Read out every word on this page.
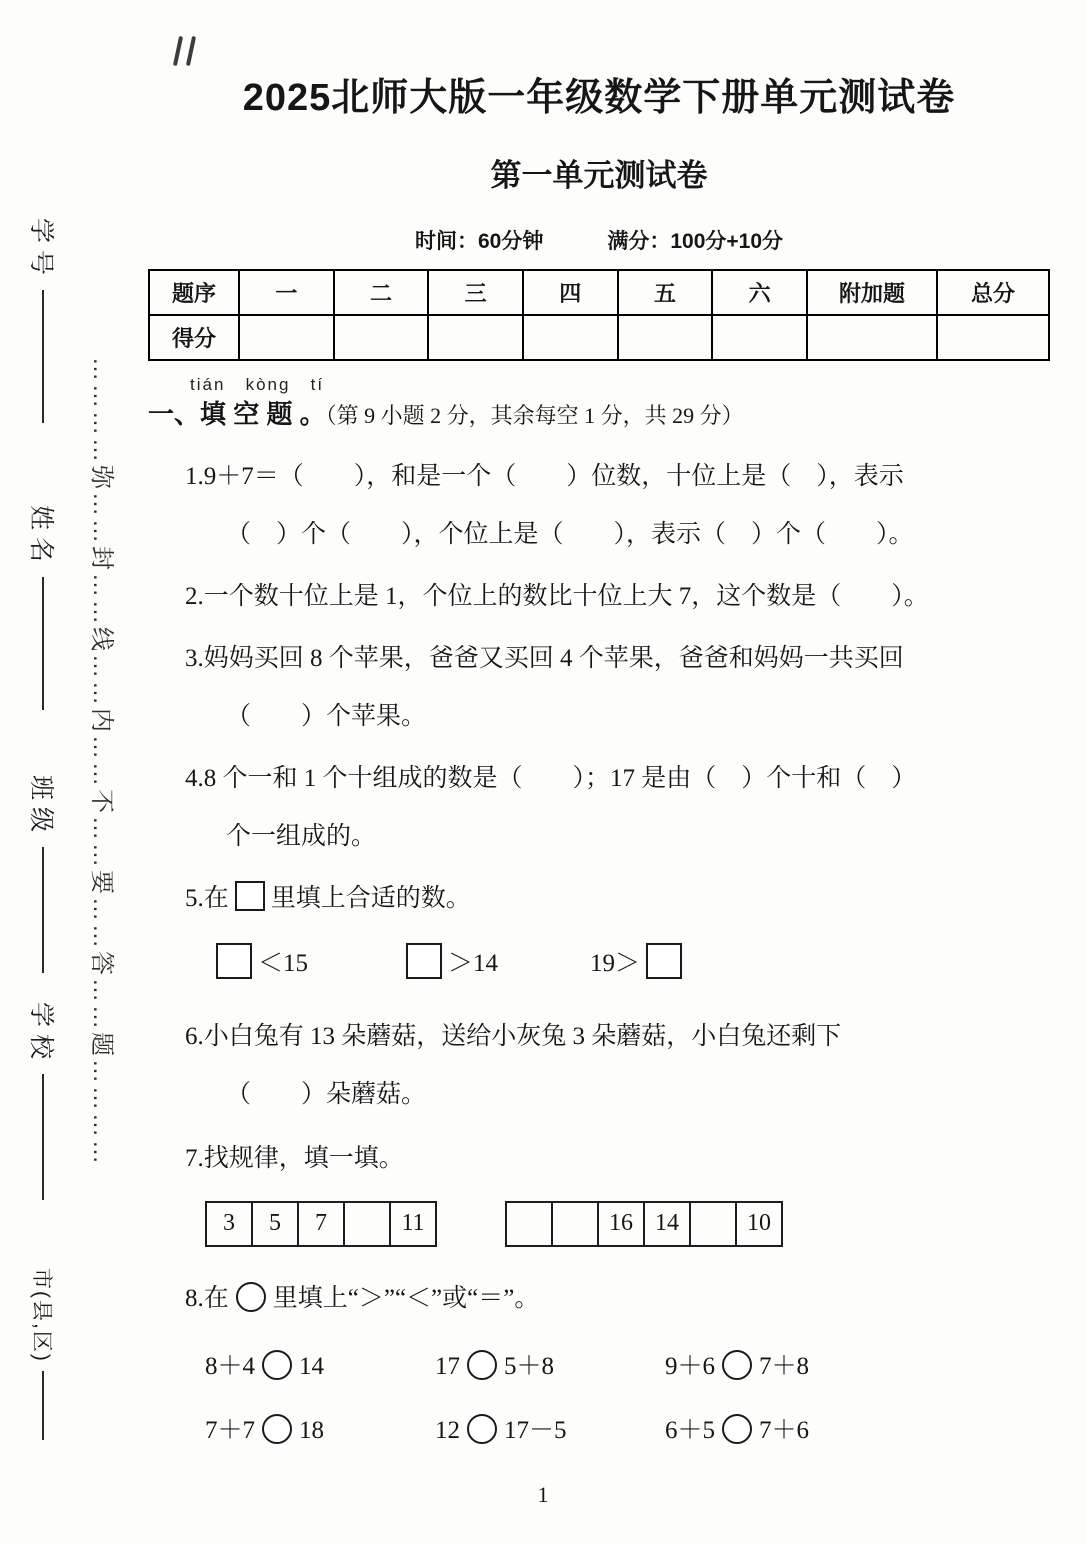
学号
姓名
班级
学校
市(县,区)
…………弥……封……线……内……不……要……答……题…………
2025北师大版一年级数学下册单元测试卷
第一单元测试卷
时间：60分钟	满分：100分+10分
题序	一	二	三	四	五	六	附加题	总分
得分								
tián   kòng   tí
一、填 空 题 。（第 9 小题 2 分，其余每空 1 分，共 29 分）
1.9＋7＝（　　），和是一个（　　）位数，十位上是（　），表示
（　）个（　　），个位上是（　　），表示（　）个（　　）。
2.一个数十位上是 1，个位上的数比十位上大 7，这个数是（　　）。
3.妈妈买回 8 个苹果，爸爸又买回 4 个苹果，爸爸和妈妈一共买回
（　　）个苹果。
4.8 个一和 1 个十组成的数是（　　）；17 是由（　）个十和（　）
个一组成的。
5.在 里填上合适的数。
＜15	＞14	19＞
6.小白兔有 13 朵蘑菇，送给小灰兔 3 朵蘑菇，小白兔还剩下
（　　）朵蘑菇。
7.找规律，填一填。
3	5	7		11
			16	14		10
8.在 里填上“＞”“＜”或“＝”。
8＋4 14	17 5＋8	9＋6 7＋8
7＋7 18	12 17－5	6＋5 7＋6
1
